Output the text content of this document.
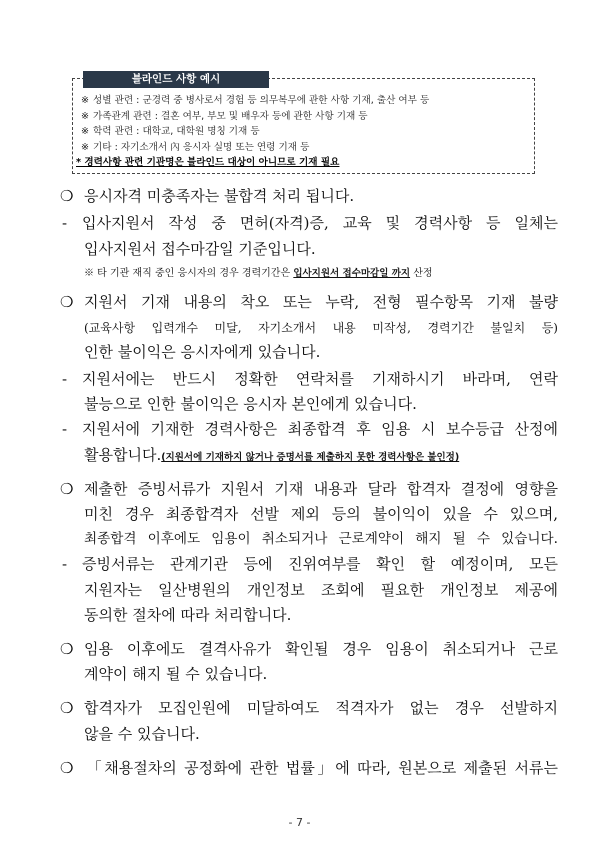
블라인드 사항 예시
※ 성별 관련 : 군경력 중 병사로서 경험 등 의무복무에 관한 사항 기재, 출산 여부 등
※ 가족관계 관련 : 결혼 여부, 부모 및 배우자 등에 관한 사항 기재 등
※ 학력 관련 : 대학교, 대학원 명칭 기재 등
※ 기타 : 자기소개서 內 응시자 실명 또는 연령 기재 등
* 경력사항 관련 기관명은 블라인드 대상이 아니므로 기재 필요
❍ 응시자격 미충족자는 불합격 처리 됩니다.
- 입사지원서 작성 중 면허(자격)증, 교육 및 경력사항 등 일체는
입사지원서 접수마감일 기준입니다.
※ 타 기관 재직 중인 응시자의 경우 경력기간은 입사지원서 접수마감일 까지 산정
❍ 지원서 기재 내용의 착오 또는 누락, 전형 필수항목 기재 불량
(교육사항 입력개수 미달, 자기소개서 내용 미작성, 경력기간 불일치 등)
인한 불이익은 응시자에게 있습니다.
- 지원서에는 반드시 정확한 연락처를 기재하시기 바라며, 연락
불능으로 인한 불이익은 응시자 본인에게 있습니다.
- 지원서에 기재한 경력사항은 최종합격 후 임용 시 보수등급 산정에
활용합니다.(지원서에 기재하지 않거나 증명서를 제출하지 못한 경력사항은 불인정)
❍ 제출한 증빙서류가 지원서 기재 내용과 달라 합격자 결정에 영향을
미친 경우 최종합격자 선발 제외 등의 불이익이 있을 수 있으며,
최종합격 이후에도 임용이 취소되거나 근로계약이 해지 될 수 있습니다.
- 증빙서류는 관계기관 등에 진위여부를 확인 할 예정이며, 모든
지원자는 일산병원의 개인정보 조회에 필요한 개인정보 제공에
동의한 절차에 따라 처리합니다.
❍ 임용 이후에도 결격사유가 확인될 경우 임용이 취소되거나 근로
계약이 해지 될 수 있습니다.
❍ 합격자가 모집인원에 미달하여도 적격자가 없는 경우 선발하지
않을 수 있습니다.
❍ 「채용절차의 공정화에 관한 법률」에 따라, 원본으로 제출된 서류는
- 7 -
